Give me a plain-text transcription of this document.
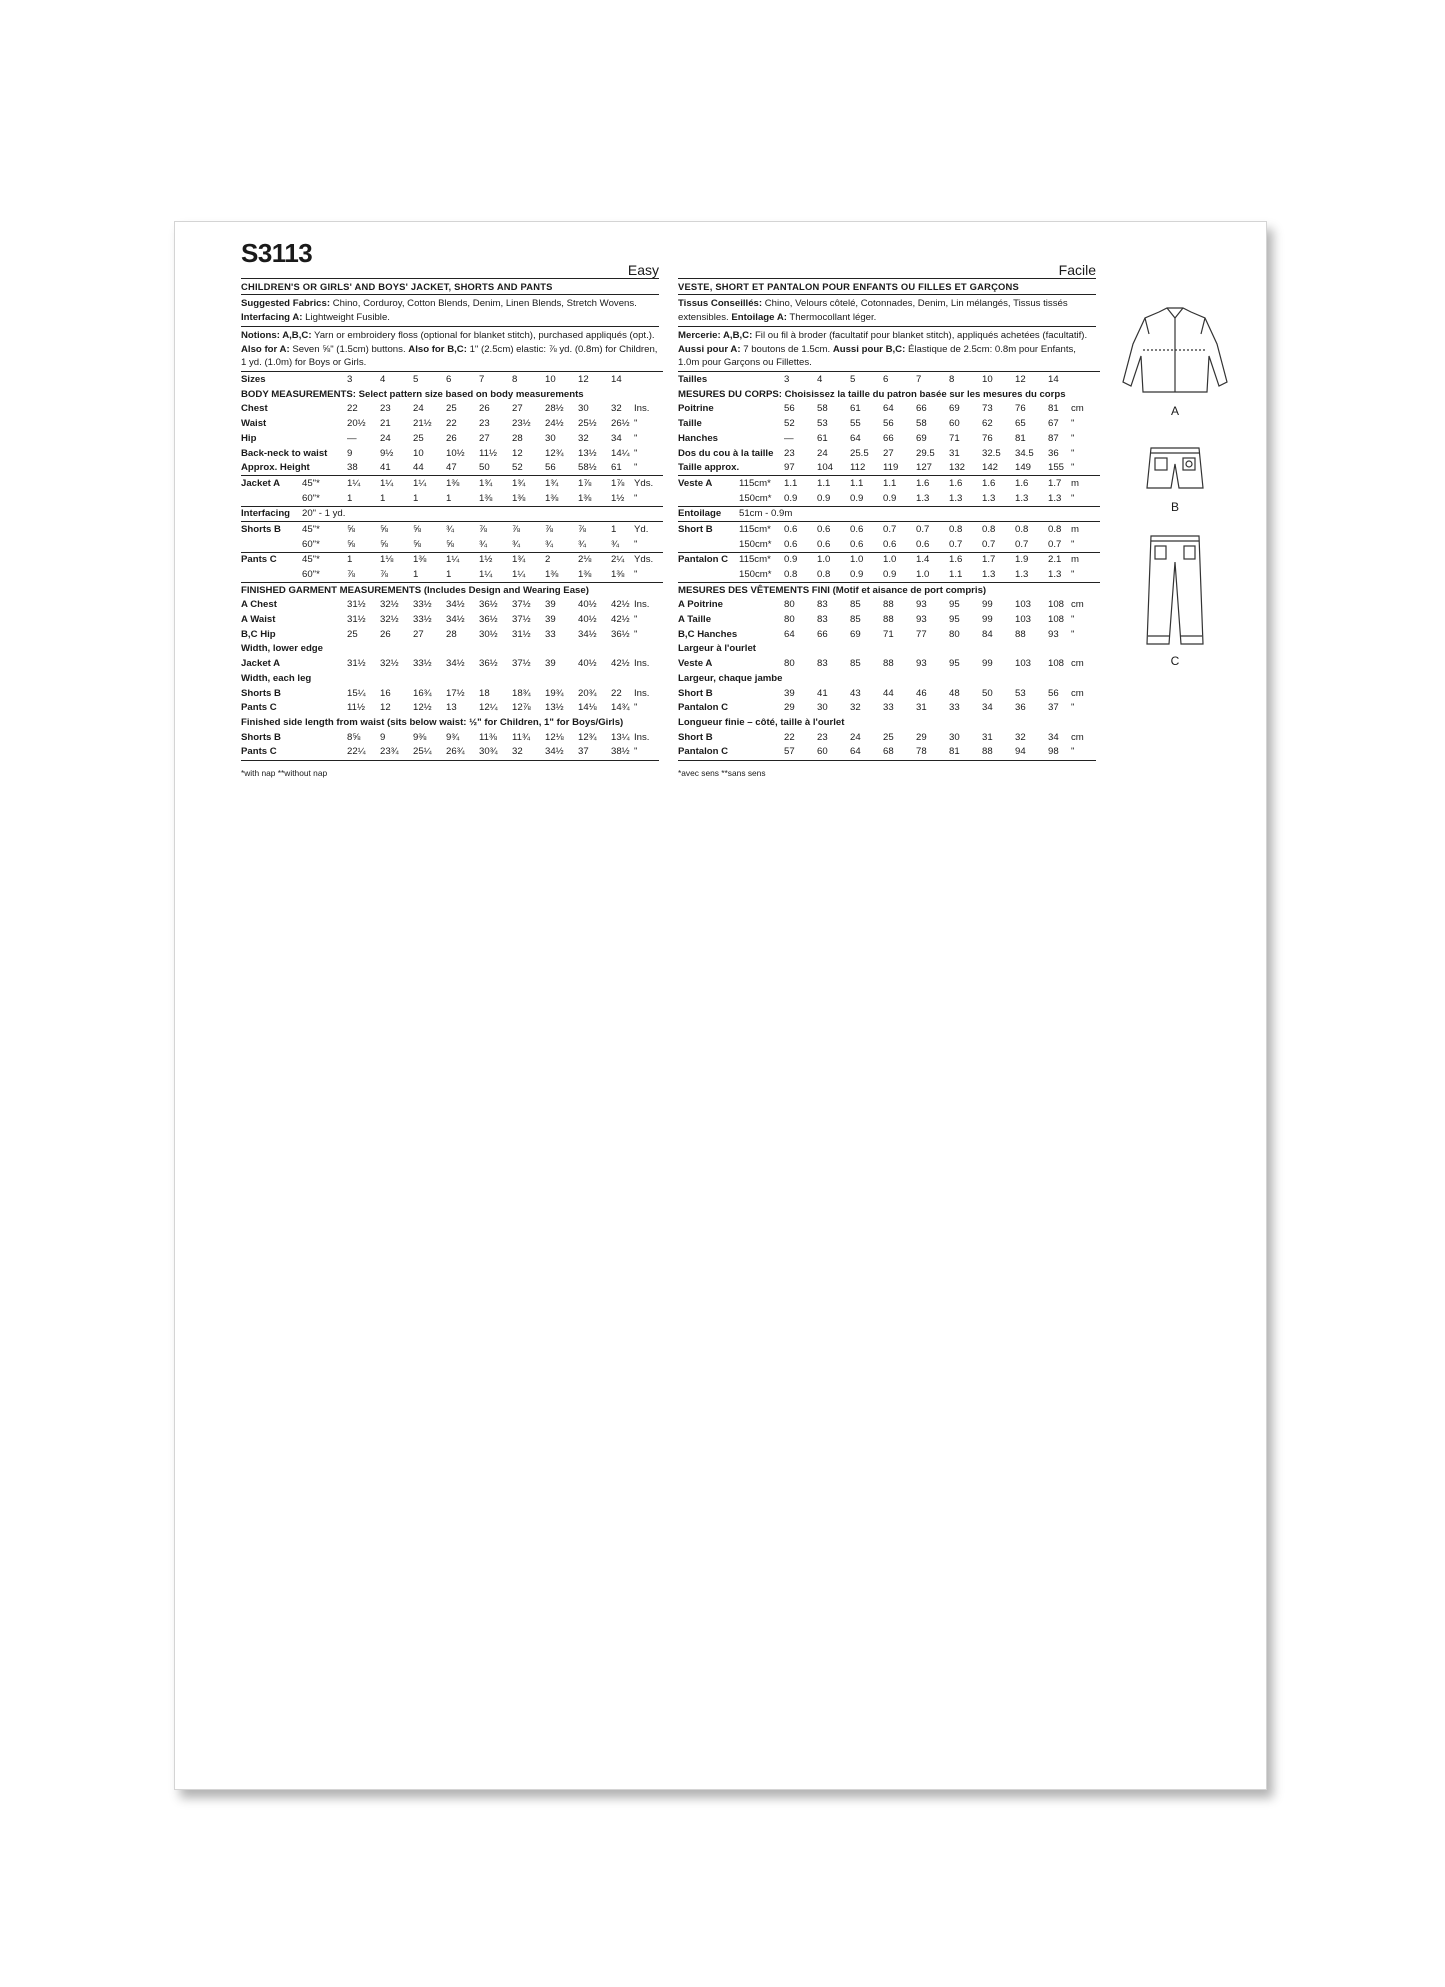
S3113
Easy
CHILDREN'S OR GIRLS' AND BOYS' JACKET, SHORTS AND PANTS
Suggested Fabrics: Chino, Corduroy, Cotton Blends, Denim, Linen Blends, Stretch Wovens.
Interfacing A: Lightweight Fusible.
Notions: A,B,C: Yarn or embroidery floss (optional for blanket stitch), purchased appliqués (opt.). Also for A: Seven ⅝" (1.5cm) buttons. Also for B,C: 1" (2.5cm) elastic: ⅞ yd. (0.8m) for Children, 1 yd. (1.0m) for Boys or Girls.
Sizes		3	4	5	6	7	8	10	12	14	
BODY MEASUREMENTS: Select pattern size based on body measurements											
Chest		22	23	24	25	26	27	28½	30	32	Ins.
Waist		20½	21	21½	22	23	23½	24½	25½	26½	"
Hip		—	24	25	26	27	28	30	32	34	"
Back-neck to waist		9	9½	10	10½	11½	12	12¾	13½	14¼	"
Approx. Height		38	41	44	47	50	52	56	58½	61	"
Jacket A	45"*	1¼	1¼	1¼	1⅜	1¾	1¾	1¾	1⅞	1⅞	Yds.
	60"*	1	1	1	1	1⅜	1⅜	1⅜	1⅜	1½	"
Interfacing	20" - 1 yd.										
Shorts B	45"*	⅝	⅝	⅝	¾	⅞	⅞	⅞	⅞	1	Yd.
	60"*	⅝	⅝	⅝	⅝	¾	¾	¾	¾	¾	"
Pants C	45"*	1	1⅛	1⅜	1¼	1½	1¾	2	2⅛	2¼	Yds.
	60"*	⅞	⅞	1	1	1¼	1¼	1⅜	1⅜	1⅜	"
FINISHED GARMENT MEASUREMENTS (Includes Design and Wearing Ease)											
A Chest		31½	32½	33½	34½	36½	37½	39	40½	42½	Ins.
A Waist		31½	32½	33½	34½	36½	37½	39	40½	42½	"
B,C Hip		25	26	27	28	30½	31½	33	34½	36½	"
Width, lower edge											
Jacket A		31½	32½	33½	34½	36½	37½	39	40½	42½	Ins.
Width, each leg											
Shorts B		15¼	16	16¾	17½	18	18¾	19¾	20¾	22	Ins.
Pants C		11½	12	12½	13	12¼	12⅞	13½	14⅛	14¾	"
Finished side length from waist (sits below waist: ½" for Children, 1" for Boys/Girls)											
Shorts B		8⅝	9	9⅜	9¾	11⅜	11¾	12⅛	12¾	13¼	Ins.
Pants C		22¼	23¾	25¼	26¾	30¾	32	34½	37	38½	"
*with nap **without nap
Facile
VESTE, SHORT ET PANTALON POUR ENFANTS OU FILLES ET GARÇONS
Tissus Conseillés: Chino, Velours côtelé, Cotonnades, Denim, Lin mélangés, Tissus tissés extensibles. Entoilage A: Thermocollant léger.
Mercerie: A,B,C: Fil ou fil à broder (facultatif pour blanket stitch), appliqués achetées (facultatif). Aussi pour A: 7 boutons de 1.5cm. Aussi pour B,C: Élastique de 2.5cm: 0.8m pour Enfants, 1.0m pour Garçons ou Fillettes.
Tailles		3	4	5	6	7	8	10	12	14	
MESURES DU CORPS: Choisissez la taille du patron basée sur les mesures du corps											
Poitrine		56	58	61	64	66	69	73	76	81	cm
Taille		52	53	55	56	58	60	62	65	67	"
Hanches		—	61	64	66	69	71	76	81	87	"
Dos du cou à la taille		23	24	25.5	27	29.5	31	32.5	34.5	36	"
Taille approx.		97	104	112	119	127	132	142	149	155	"
Veste A	115cm*	1.1	1.1	1.1	1.1	1.6	1.6	1.6	1.6	1.7	m
	150cm*	0.9	0.9	0.9	0.9	1.3	1.3	1.3	1.3	1.3	"
Entoilage	51cm - 0.9m										
Short B	115cm*	0.6	0.6	0.6	0.7	0.7	0.8	0.8	0.8	0.8	m
	150cm*	0.6	0.6	0.6	0.6	0.6	0.7	0.7	0.7	0.7	"
Pantalon C	115cm*	0.9	1.0	1.0	1.0	1.4	1.6	1.7	1.9	2.1	m
	150cm*	0.8	0.8	0.9	0.9	1.0	1.1	1.3	1.3	1.3	"
MESURES DES VÊTEMENTS FINI (Motif et aisance de port compris)											
A Poitrine		80	83	85	88	93	95	99	103	108	cm
A Taille		80	83	85	88	93	95	99	103	108	"
B,C Hanches		64	66	69	71	77	80	84	88	93	"
Largeur à l'ourlet											
Veste A		80	83	85	88	93	95	99	103	108	cm
Largeur, chaque jambe											
Short B		39	41	43	44	46	48	50	53	56	cm
Pantalon C		29	30	32	33	31	33	34	36	37	"
Longueur finie – côté, taille à l'ourlet											
Short B		22	23	24	25	29	30	31	32	34	cm
Pantalon C		57	60	64	68	78	81	88	94	98	"
*avec sens **sans sens
A
B
C
